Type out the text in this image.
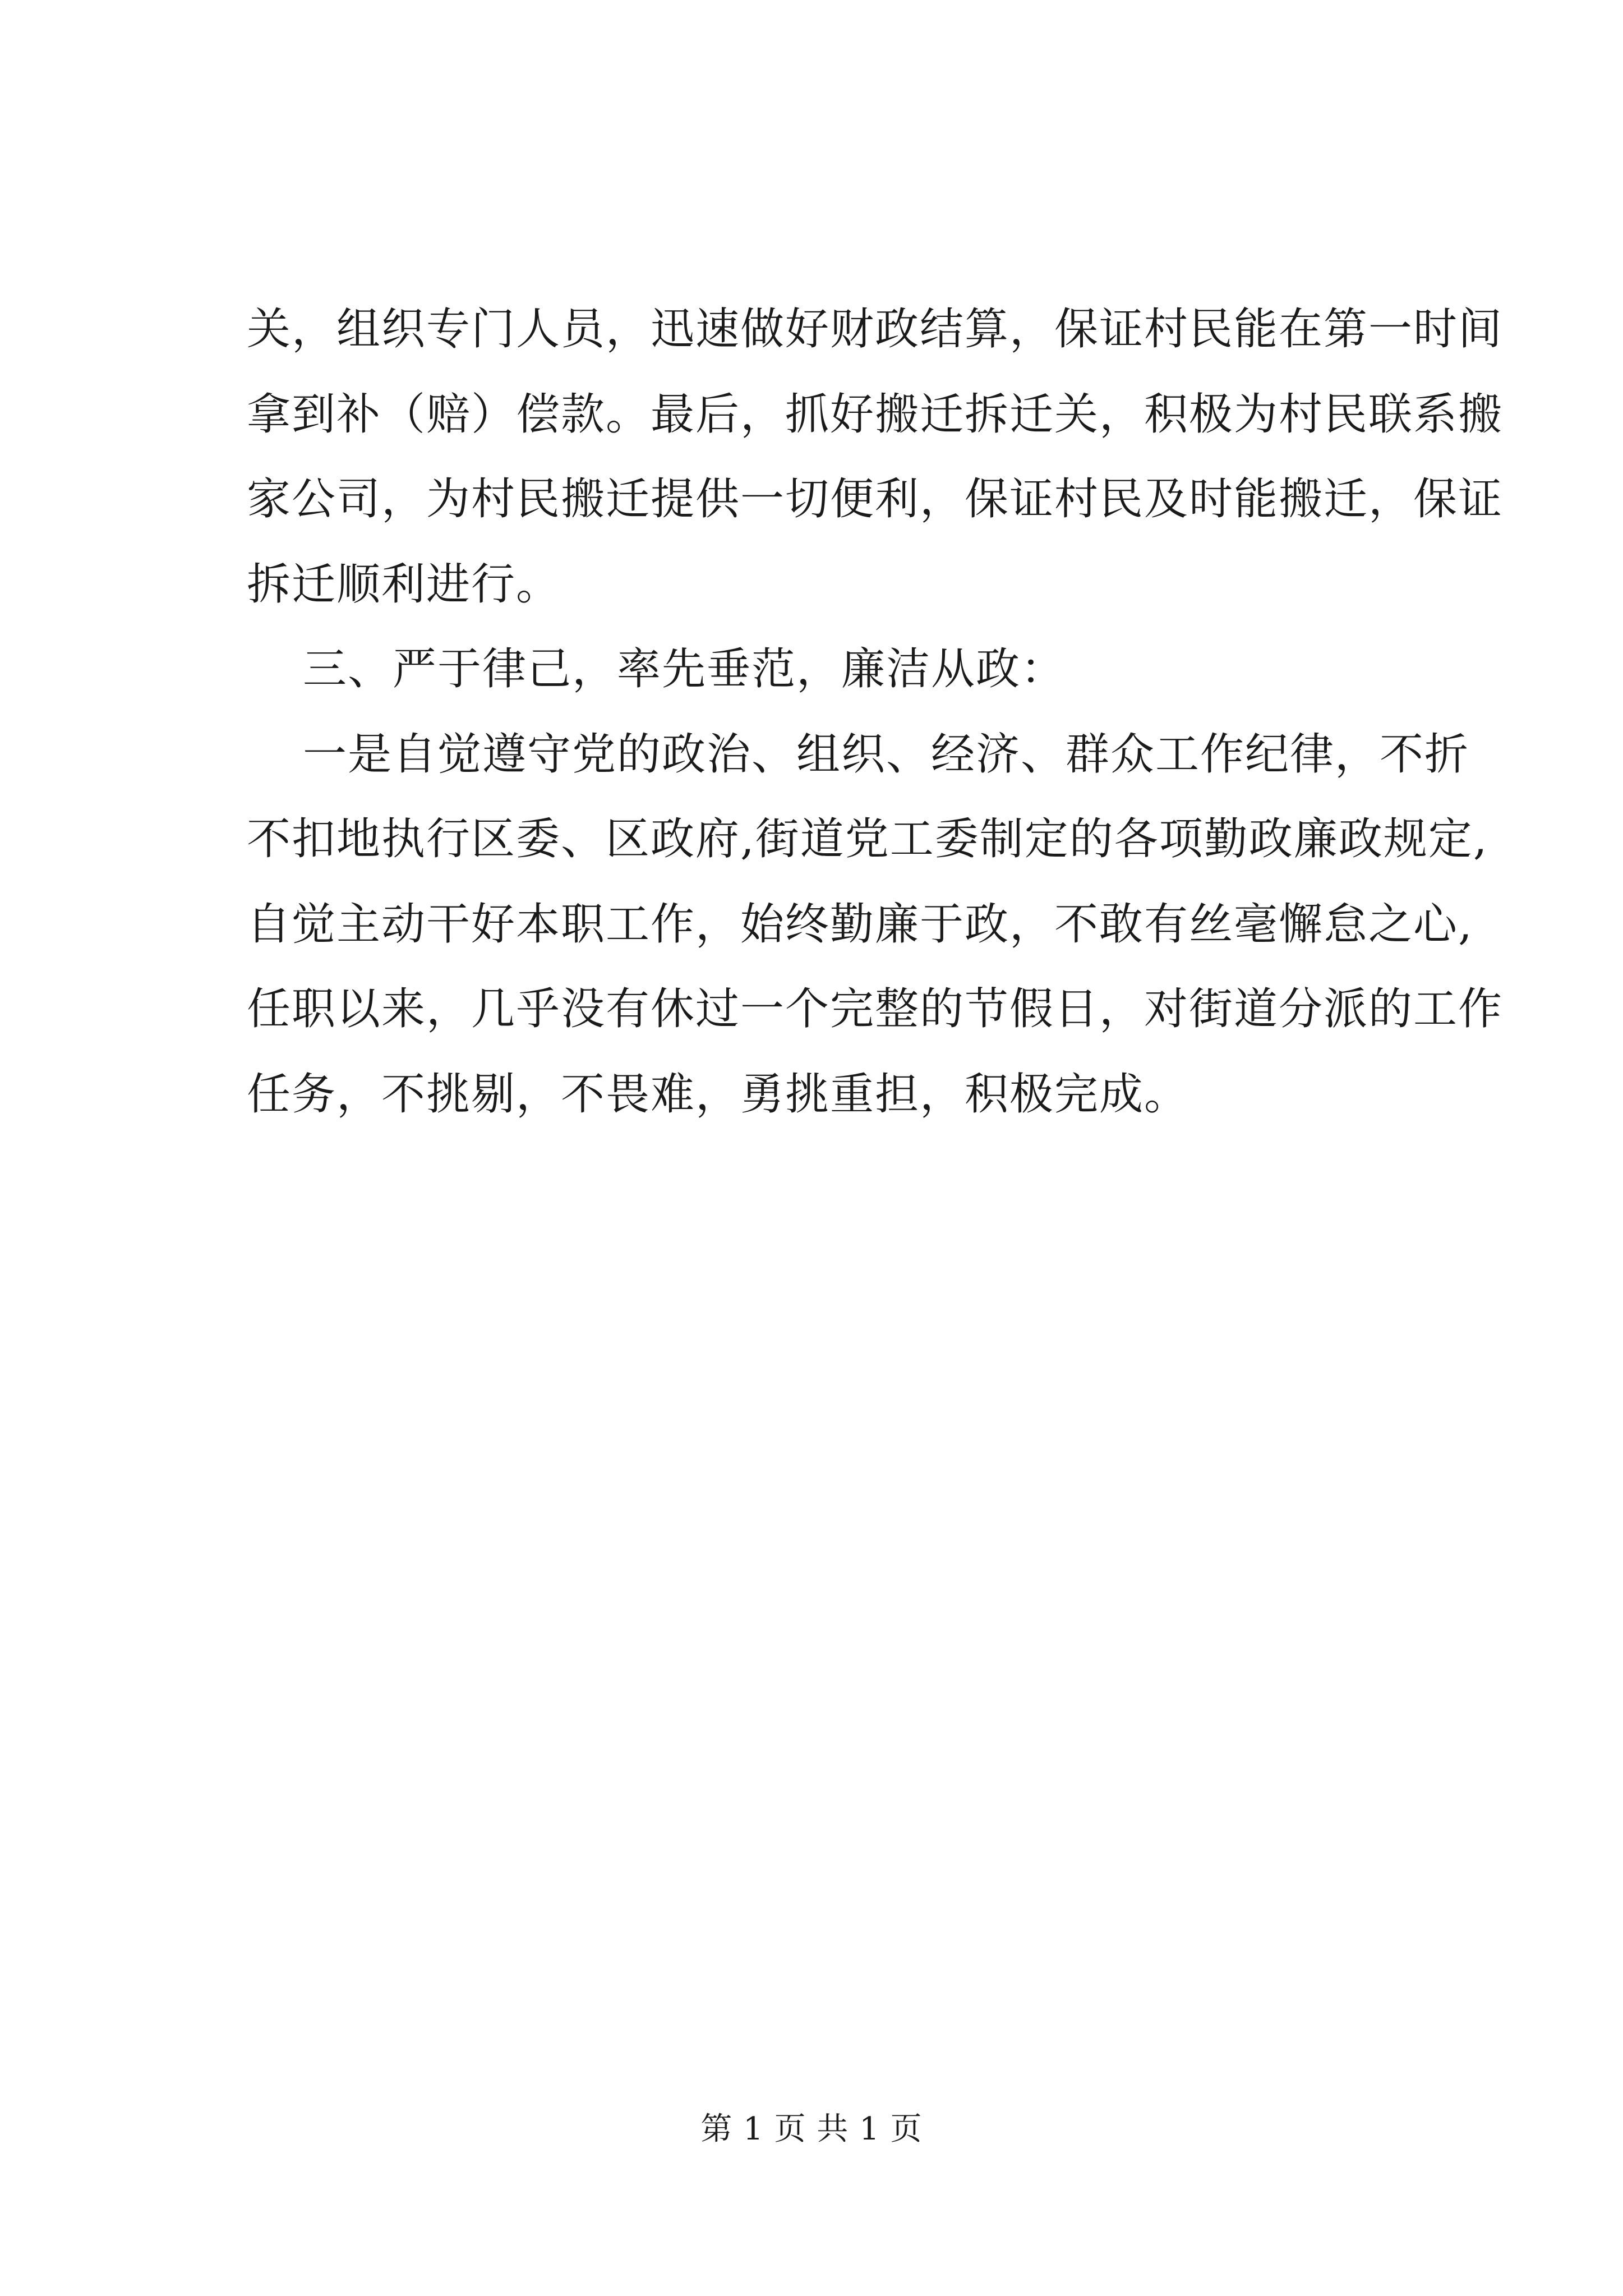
关，组织专门人员，迅速做好财政结算，保证村民能在第一时间
拿到补（赔）偿款。最后，抓好搬迁拆迁关，积极为村民联系搬
家公司，为村民搬迁提供一切便利，保证村民及时能搬迁，保证
拆迁顺利进行。
三、严于律己，率先垂范，廉洁从政：
一是自觉遵守党的政治、组织、经济、群众工作纪律，不折
不扣地执行区委、区政府,街道党工委制定的各项勤政廉政规定,
自觉主动干好本职工作，始终勤廉于政，不敢有丝毫懈怠之心,
任职以来，几乎没有休过一个完整的节假日，对街道分派的工作
任务，不挑剔，不畏难，勇挑重担，积极完成。
第 1 页 共 1 页
